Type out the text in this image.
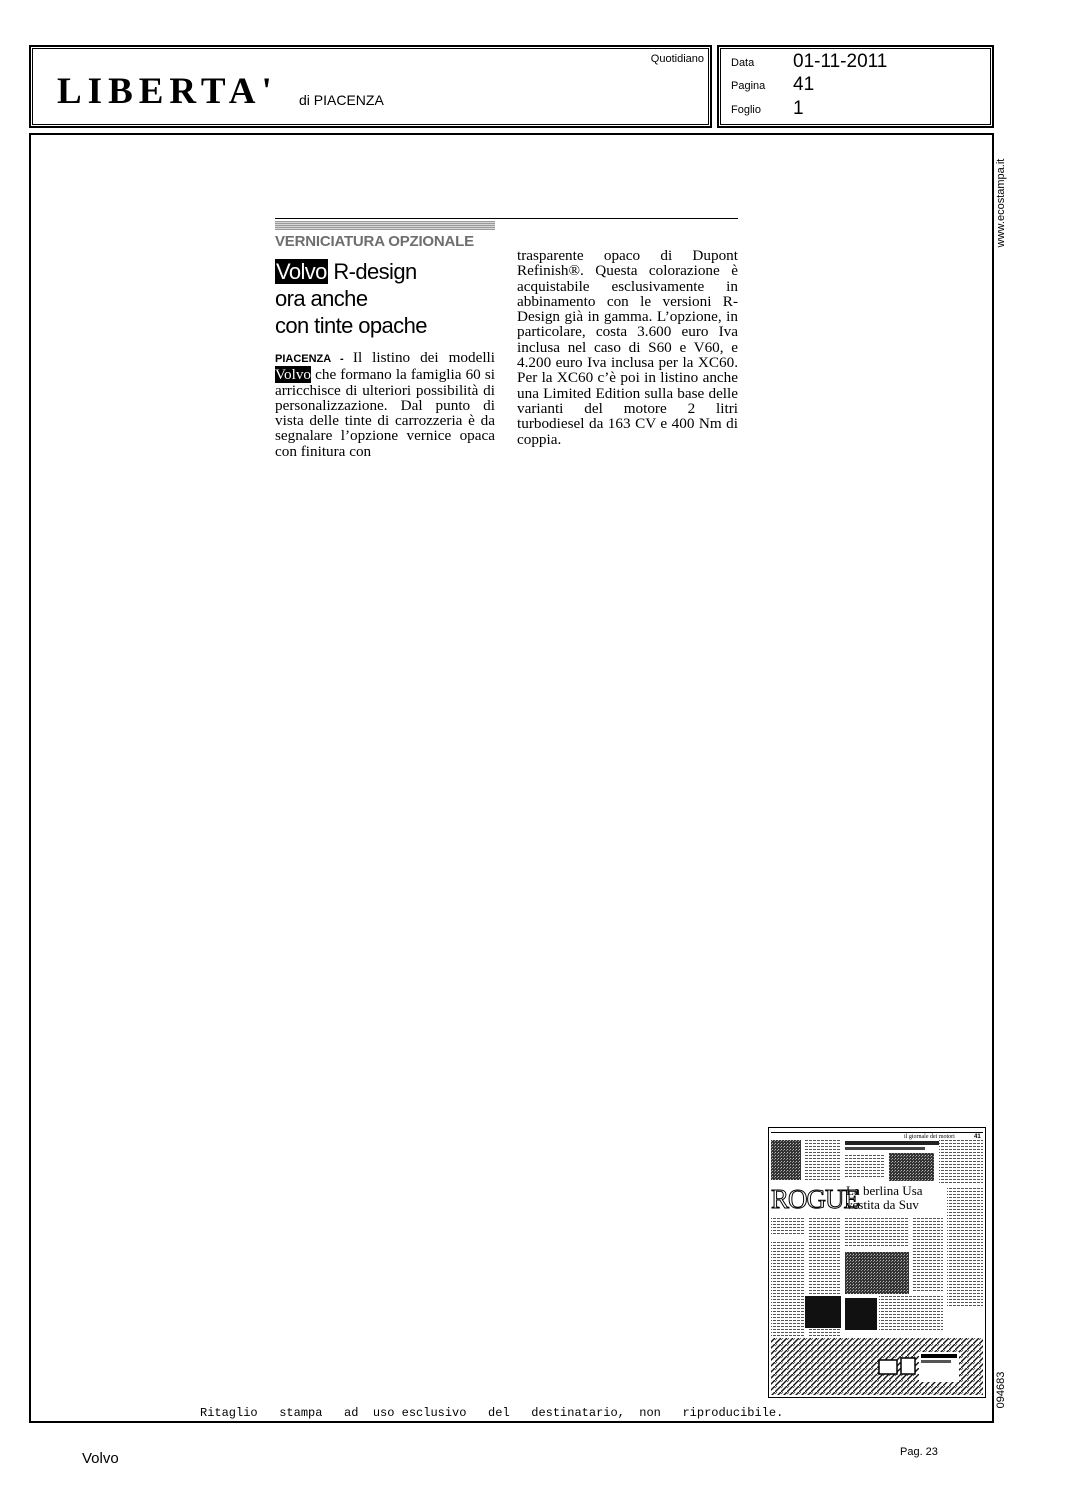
LIBERTA' di PIACENZA
Quotidiano Data 01-11-2011
Pagina 41
Foglio 1
www.ecostampa.it
094683
VERNICIATURA OPZIONALE
Volvo R-design
ora anche
con tinte opache
PIACENZA - Il listino dei modelli Volvo che formano la famiglia 60 si arricchisce di ulteriori possibilità di personalizzazione. Dal punto di vista delle tinte di carrozzeria è da segnalare l’opzione vernice opaca con finitura con
trasparente opaco di Dupont Refinish®. Questa colorazione è acquistabile esclusivamente in abbinamento con le versioni R-Design già in gamma. L’opzione, in particolare, costa 3.600 euro Iva inclusa nel caso di S60 e V60, e 4.200 euro Iva inclusa per la XC60. Per la XC60 c’è poi in listino anche una Limited Edition sulla base delle varianti del motore 2 litri turbodiesel da 163 CV e 400 Nm di coppia.
il giornale dei motori	41
ROGUE
La berlina Usa
vestita da Suv
Ritaglio   stampa   ad  uso esclusivo   del   destinatario,  non   riproducibile.
Volvo	Pag. 23
